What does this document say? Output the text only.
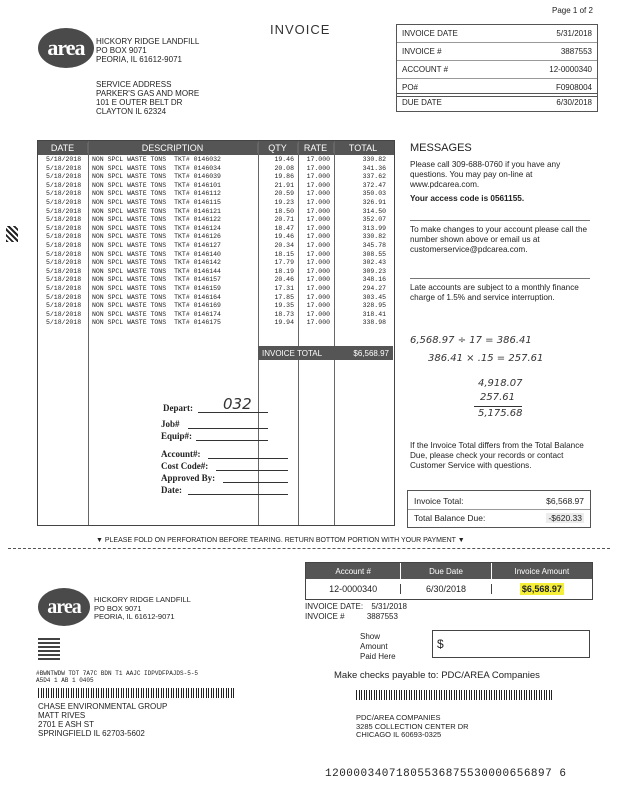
Page 1 of 2
area HICKORY RIDGE LANDFILL
PO BOX 9071
PEORIA, IL 61612-9071
INVOICE
SERVICE ADDRESS
PARKER'S GAS AND MORE
101 E OUTER BELT DR
CLAYTON IL 62324
INVOICE DATE	5/31/2018
INVOICE #	3887553
ACCOUNT #	12-0000340
PO#	F0908004
DUE DATE	6/30/2018
DATE	DESCRIPTION	QTY	RATE	TOTAL
5/18/2018	NON SPCL WASTE TONS TKT# 0146032	19.46	17.000	330.82
5/18/2018	NON SPCL WASTE TONS TKT# 0146034	20.08	17.000	341.36
5/18/2018	NON SPCL WASTE TONS TKT# 0146039	19.86	17.000	337.62
5/18/2018	NON SPCL WASTE TONS TKT# 0146101	21.91	17.000	372.47
5/18/2018	NON SPCL WASTE TONS TKT# 0146112	20.59	17.000	350.03
5/18/2018	NON SPCL WASTE TONS TKT# 0146115	19.23	17.000	326.91
5/18/2018	NON SPCL WASTE TONS TKT# 0146121	18.50	17.000	314.50
5/18/2018	NON SPCL WASTE TONS TKT# 0146122	20.71	17.000	352.07
5/18/2018	NON SPCL WASTE TONS TKT# 0146124	18.47	17.000	313.99
5/18/2018	NON SPCL WASTE TONS TKT# 0146126	19.46	17.000	330.82
5/18/2018	NON SPCL WASTE TONS TKT# 0146127	20.34	17.000	345.78
5/18/2018	NON SPCL WASTE TONS TKT# 0146140	18.15	17.000	308.55
5/18/2018	NON SPCL WASTE TONS TKT# 0146142	17.79	17.000	302.43
5/18/2018	NON SPCL WASTE TONS TKT# 0146144	18.19	17.000	309.23
5/18/2018	NON SPCL WASTE TONS TKT# 0146157	20.46	17.000	348.16
5/18/2018	NON SPCL WASTE TONS TKT# 0146159	17.31	17.000	294.27
5/18/2018	NON SPCL WASTE TONS TKT# 0146164	17.85	17.000	303.45
5/18/2018	NON SPCL WASTE TONS TKT# 0146169	19.35	17.000	328.95
5/18/2018	NON SPCL WASTE TONS TKT# 0146174	18.73	17.000	318.41
5/18/2018	NON SPCL WASTE TONS TKT# 0146175	19.94	17.000	338.98
INVOICE TOTAL	$6,568.97
Depart: 032
Job#
Equip#:
Account#:
Cost Code#:
Approved By:
Date:
MESSAGES
Please call 309-688-0760 if you have any questions. You may pay on-line at www.pdcarea.com.
Your access code is 0561155.
To make changes to your account please call the number shown above or email us at customerservice@pdcarea.com.
Late accounts are subject to a monthly finance charge of 1.5% and service interruption.
6,568.97 ÷ 17 = 386.41
386.41 × .15 = 257.61
4,918.07
257.61
5,175.68
If the Invoice Total differs from the Total Balance Due, please check your records or contact Customer Service with questions.
Invoice Total:	$6,568.97
Total Balance Due:	-$620.33
▼ PLEASE FOLD ON PERFORATION BEFORE TEARING. RETURN BOTTOM PORTION WITH YOUR PAYMENT ▼
area HICKORY RIDGE LANDFILL
PO BOX 9071
PEORIA, IL 61612-9071
Account #	Due Date	Invoice Amount
12-0000340	6/30/2018	$6,568.97
INVOICE DATE: 5/31/2018
INVOICE #	3887553
Show Amount Paid Here
$
Make checks payable to: PDC/AREA Companies
#BWNTWDW TDT 7A7C BDN T1 AAJC IDPVDFPAJDS-5-5
A5D4 1 AB 1 0405
CHASE ENVIRONMENTAL GROUP
MATT RIVES
2701 E ASH ST
SPRINGFIELD IL 62703-5602
PDC/AREA COMPANIES
3285 COLLECTION CENTER DR
CHICAGO IL 60693-0325
12000034071805536875530000656897 6
